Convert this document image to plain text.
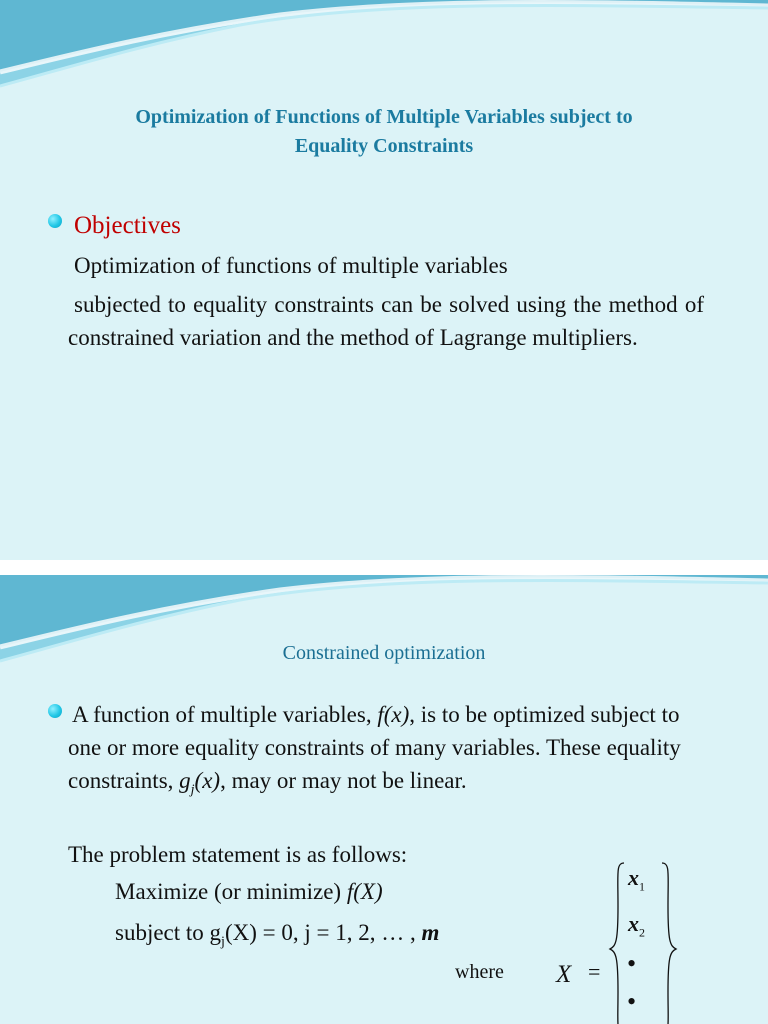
Optimization of Functions of Multiple Variables subject to
Equality Constraints
Objectives
Optimization of functions of multiple variables
subjected to equality constraints can be solved using the method of constrained variation and the method of Lagrange multipliers.
Constrained optimization
A function of multiple variables, f(x), is to be optimized subject to one or more equality constraints of many variables. These equality constraints, $g_j(x)$, may or may not be linear.
The problem statement is as follows:
Maximize (or minimize) f(X)
subject to $g_j(X) = 0$, j = 1, 2, … , m
where X =
$x_1$
$x_2$
•
•
